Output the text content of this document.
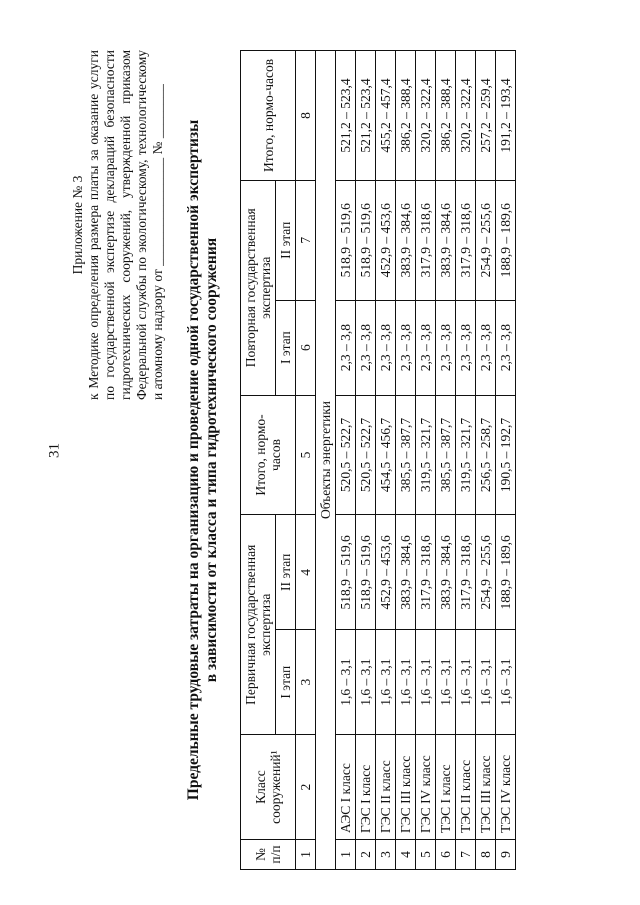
31
Приложение № 3 к Методике определения размера платы за оказание услуги по государственной экспертизе деклараций безопасности гидротехнических сооружений, утвержденной приказом Федеральной службы по экологическому, технологическому и атомному надзору от ________________ № ________ Предельные трудовые затраты на организацию и проведение одной государственной экспертизы в зависимости от класса и типа гидротехнического сооружения
№ п/п	Класс сооружений¹	Первичная государственная экспертиза		Итого, нормо-часов	Повторная государственная экспертиза		Итого, нормо-часов
		I этап	II этап		I этап	II этап	
1	2	3	4	5	6	7	8
Объекты энергетики							
1	АЭС I класс	1,6 – 3,1	518,9 – 519,6	520,5 – 522,7	2,3 – 3,8	518,9 – 519,6	521,2 – 523,4
2	ГЭС I класс	1,6 – 3,1	518,9 – 519,6	520,5 – 522,7	2,3 – 3,8	518,9 – 519,6	521,2 – 523,4
3	ГЭС II класс	1,6 – 3,1	452,9 – 453,6	454,5 – 456,7	2,3 – 3,8	452,9 – 453,6	455,2 – 457,4
4	ГЭС III класс	1,6 – 3,1	383,9 – 384,6	385,5 – 387,7	2,3 – 3,8	383,9 – 384,6	386,2 – 388,4
5	ГЭС IV класс	1,6 – 3,1	317,9 – 318,6	319,5 – 321,7	2,3 – 3,8	317,9 – 318,6	320,2 – 322,4
6	ТЭС I класс	1,6 – 3,1	383,9 – 384,6	385,5 – 387,7	2,3 – 3,8	383,9 – 384,6	386,2 – 388,4
7	ТЭС II класс	1,6 – 3,1	317,9 – 318,6	319,5 – 321,7	2,3 – 3,8	317,9 – 318,6	320,2 – 322,4
8	ТЭС III класс	1,6 – 3,1	254,9 – 255,6	256,5 – 258,7	2,3 – 3,8	254,9 – 255,6	257,2 – 259,4
9	ТЭС IV класс	1,6 – 3,1	188,9 – 189,6	190,5 – 192,7	2,3 – 3,8	188,9 – 189,6	191,2 – 193,4
